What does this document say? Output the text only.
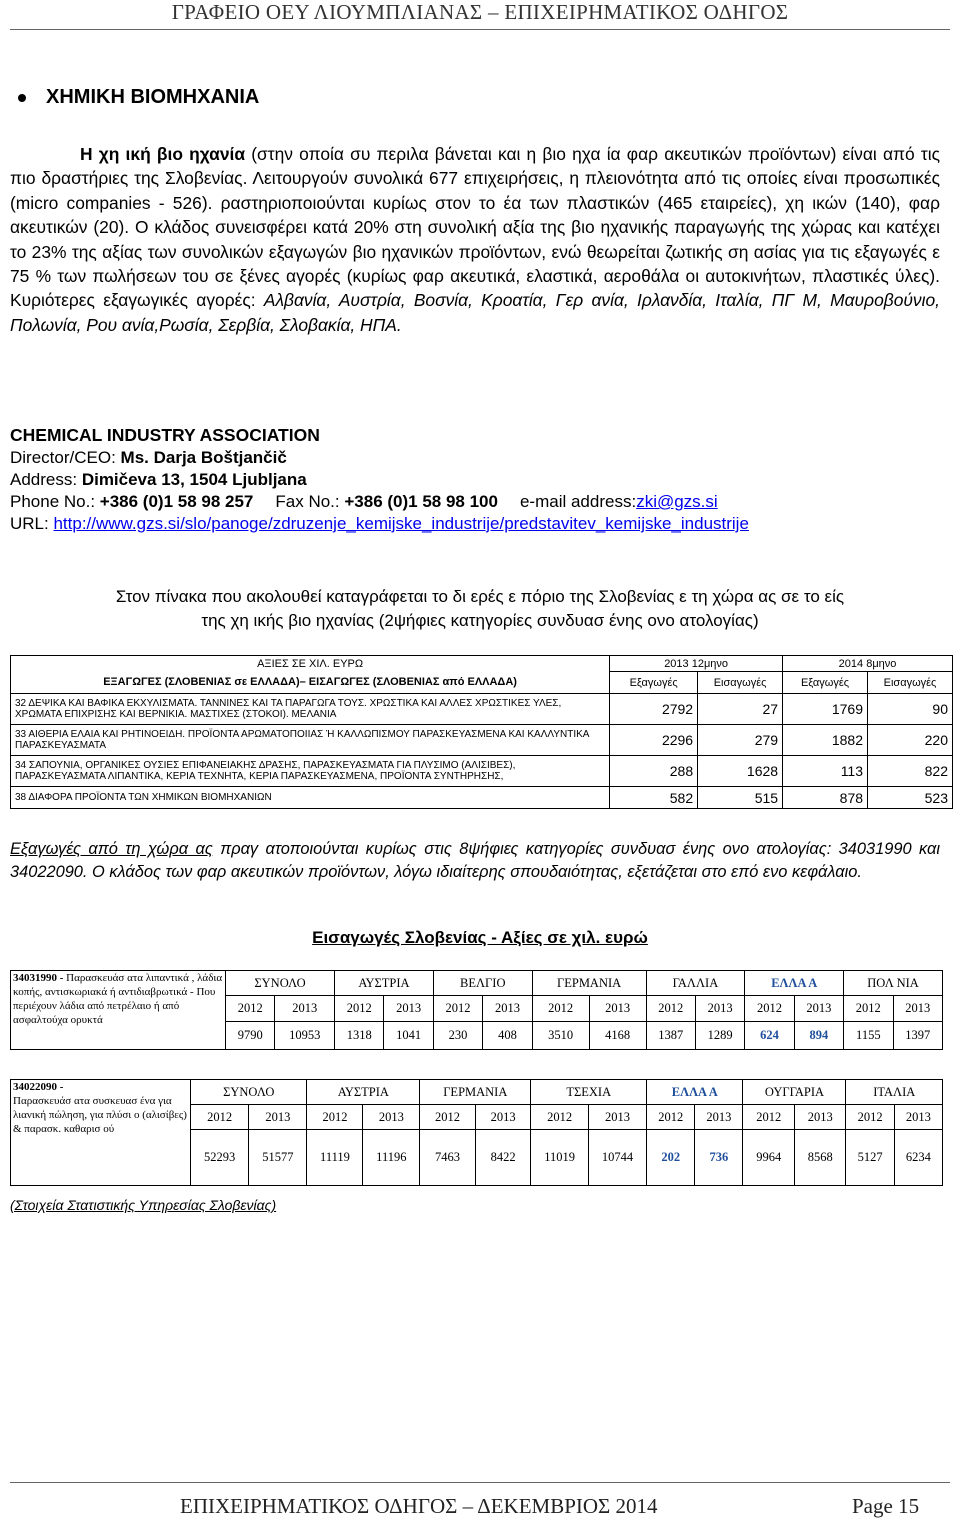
ΓΡΑΦΕΙΟ ΟΕΥ ΛΙΟΥΜΠΛΙΑΝΑΣ – ΕΠΙΧΕΙΡΗΜΑΤΙΚΟΣ ΟΔΗΓΟΣ
ΧΗΜΙΚΗ ΒΙΟΜΗΧΑΝΙΑ

Η χη ική βιο ηχανία (στην οποία συ περιλα βάνεται και η βιο ηχα ία φαρ ακευτικών προϊόντων) είναι από τις πιο δραστήριες της Σλοβενίας. Λειτουργούν συνολικά 677 επιχειρήσεις, η πλειονότητα από τις οποίες είναι προσωπικές (micro companies - 526). ραστηριοποιούνται κυρίως στον το έα των πλαστικών (465 εταιρείες), χη ικών (140), φαρ ακευτικών (20). Ο κλάδος συνεισφέρει κατά 20% στη συνολική αξία της βιο ηχανικής παραγωγής της χώρας και κατέχει το 23% της αξίας των συνολικών εξαγωγών βιο ηχανικών προϊόντων, ενώ θεωρείται ζωτικής ση ασίας για τις εξαγωγές ε 75 % των πωλήσεων του σε ξένες αγορές (κυρίως φαρ ακευτικά, ελαστικά, αεροθάλα οι αυτοκινήτων, πλαστικές ύλες). Κυριότερες εξαγωγικές αγορές: Αλβανία, Αυστρία, Βοσνία, Κροατία, Γερ ανία, Ιρλανδία, Ιταλία, ΠΓ Μ, Μαυροβούνιο, Πολωνία, Ρου ανία,Ρωσία, Σερβία, Σλοβακία, ΗΠΑ.

CHEMICAL INDUSTRY ASSOCIATION
Director/CEO: Ms. Darja Boštjančič
Address: Dimičeva 13, 1504 Ljubljana
Phone No.: +386 (0)1 58 98 257 Fax No.: +386 (0)1 58 98 100 e-mail address:zki@gzs.si
URL: http://www.gzs.si/slo/panoge/zdruzenje_kemijske_industrije/predstavitev_kemijske_industrije
Στον πίνακα που ακολουθεί καταγράφεται το δι ερές ε πόριο της Σλοβενίας ε τη χώρα ας σε το είς
της χη ικής βιο ηχανίας (2ψήφιες κατηγορίες συνδυασ ένης ονο ατολογίας)
ΑΞΙΕΣ ΣΕ ΧΙΛ. ΕΥΡΩ	2013 12μηνο		2014 8μηνο	
ΕΞΑΓΩΓΕΣ (ΣΛΟΒΕΝΙΑΣ σε ΕΛΛΑΔΑ)– ΕΙΣΑΓΩΓΕΣ (ΣΛΟΒΕΝΙΑΣ από ΕΛΛΑΔΑ)	Εξαγωγές	Εισαγωγές	Εξαγωγές	Εισαγωγές
32 ΔΕΨΙΚΑ ΚΑΙ ΒΑΦΙΚΑ ΕΚΧΥΛΙΣΜΑΤΑ. ΤΑΝΝΙΝΕΣ ΚΑΙ ΤΑ ΠΑΡΑΓΩΓΑ ΤΟΥΣ. ΧΡΩΣΤΙΚΑ ΚΑΙ ΑΛΛΕΣ ΧΡΩΣΤΙΚΕΣ ΥΛΕΣ, ΧΡΩΜΑΤΑ ΕΠΙΧΡΙΣΗΣ ΚΑΙ ΒΕΡΝΙΚΙΑ. ΜΑΣΤΙΧΕΣ (ΣΤΟΚΟΙ). ΜΕΛΑΝΙΑ	2792	27	1769	90
33 ΑΙΘΕΡΙΑ ΕΛΑΙΑ ΚΑΙ ΡΗΤΙΝΟΕΙΔΗ. ΠΡΟΪΟΝΤΑ ΑΡΩΜΑΤΟΠΟΙΙΑΣ Ή ΚΑΛΛΩΠΙΣΜΟΥ ΠΑΡΑΣΚΕΥΑΣΜΕΝΑ ΚΑΙ ΚΑΛΛΥΝΤΙΚΑ ΠΑΡΑΣΚΕΥΑΣΜΑΤΑ	2296	279	1882	220
34 ΣΑΠΟΥΝΙΑ, ΟΡΓΑΝΙΚΕΣ ΟΥΣΙΕΣ ΕΠΙΦΑΝΕΙΑΚΗΣ ΔΡΑΣΗΣ, ΠΑΡΑΣΚΕΥΑΣΜΑΤΑ ΓΙΑ ΠΛΥΣΙΜΟ (ΑΛΙΣΙΒΕΣ), ΠΑΡΑΣΚΕΥΑΣΜΑΤΑ ΛΙΠΑΝΤΙΚΑ, ΚΕΡΙΑ ΤΕΧΝΗΤΑ, ΚΕΡΙΑ ΠΑΡΑΣΚΕΥΑΣΜΕΝΑ, ΠΡΟΪΟΝΤΑ ΣΥΝΤΗΡΗΣΗΣ,	288	1628	113	822
38 ΔΙΑΦΟΡΑ ΠΡΟΪΟΝΤΑ ΤΩΝ ΧΗΜΙΚΩΝ ΒΙΟΜΗΧΑΝΙΩΝ	582	515	878	523
Εξαγωγές από τη χώρα ας πραγ ατοποιούνται κυρίως στις 8ψήφιες κατηγορίες συνδυασ ένης ονο ατολογίας: 34031990 και 34022090. Ο κλάδος των φαρ ακευτικών προϊόντων, λόγω ιδιαίτερης σπουδαιότητας, εξετάζεται στο επό ενο κεφάλαιο.
Εισαγωγές Σλοβενίας - Αξίες σε χιλ. ευρώ
34031990 - Παρασκευάσ ατα λιπαντικά , λάδια κοπής, αντισκωριακά ή αντιδιαβρωτικά - Που περιέχουν λάδια από πετρέλαιο ή από ασφαλτούχα ορυκτά	ΣΥΝΟΛΟ		ΑΥΣΤΡΙΑ		ΒΕΛΓΙΟ		ΓΕΡΜΑΝΙΑ		ΓΑΛΛΙΑ		ΕΛΛΑ Α		ΠΟΛ ΝΙΑ	
	2012	2013	2012	2013	2012	2013	2012	2013	2012	2013	2012	2013	2012	2013
	9790	10953	1318	1041	230	408	3510	4168	1387	1289	624	894	1155	1397
34022090 -
Παρασκευάσ ατα συσκευασ ένα για λιανική πώληση, για πλύσι ο (αλισίβες) & παρασκ. καθαρισ ού	ΣΥΝΟΛΟ		ΑΥΣΤΡΙΑ		ΓΕΡΜΑΝΙΑ		ΤΣΕΧΙΑ		ΕΛΛΑ Α		ΟΥΓΓΑΡΙΑ		ΙΤΑΛΙΑ	
	2012	2013	2012	2013	2012	2013	2012	2013	2012	2013	2012	2013	2012	2013
	52293	51577	11119	11196	7463	8422	11019	10744	202	736	9964	8568	5127	6234
(Στοιχεία Στατιστικής Υπηρεσίας Σλοβενίας)
ΕΠΙΧΕΙΡΗΜΑΤΙΚΟΣ ΟΔΗΓΟΣ – ΔΕΚΕΜΒΡΙΟΣ 2014	Page 15
